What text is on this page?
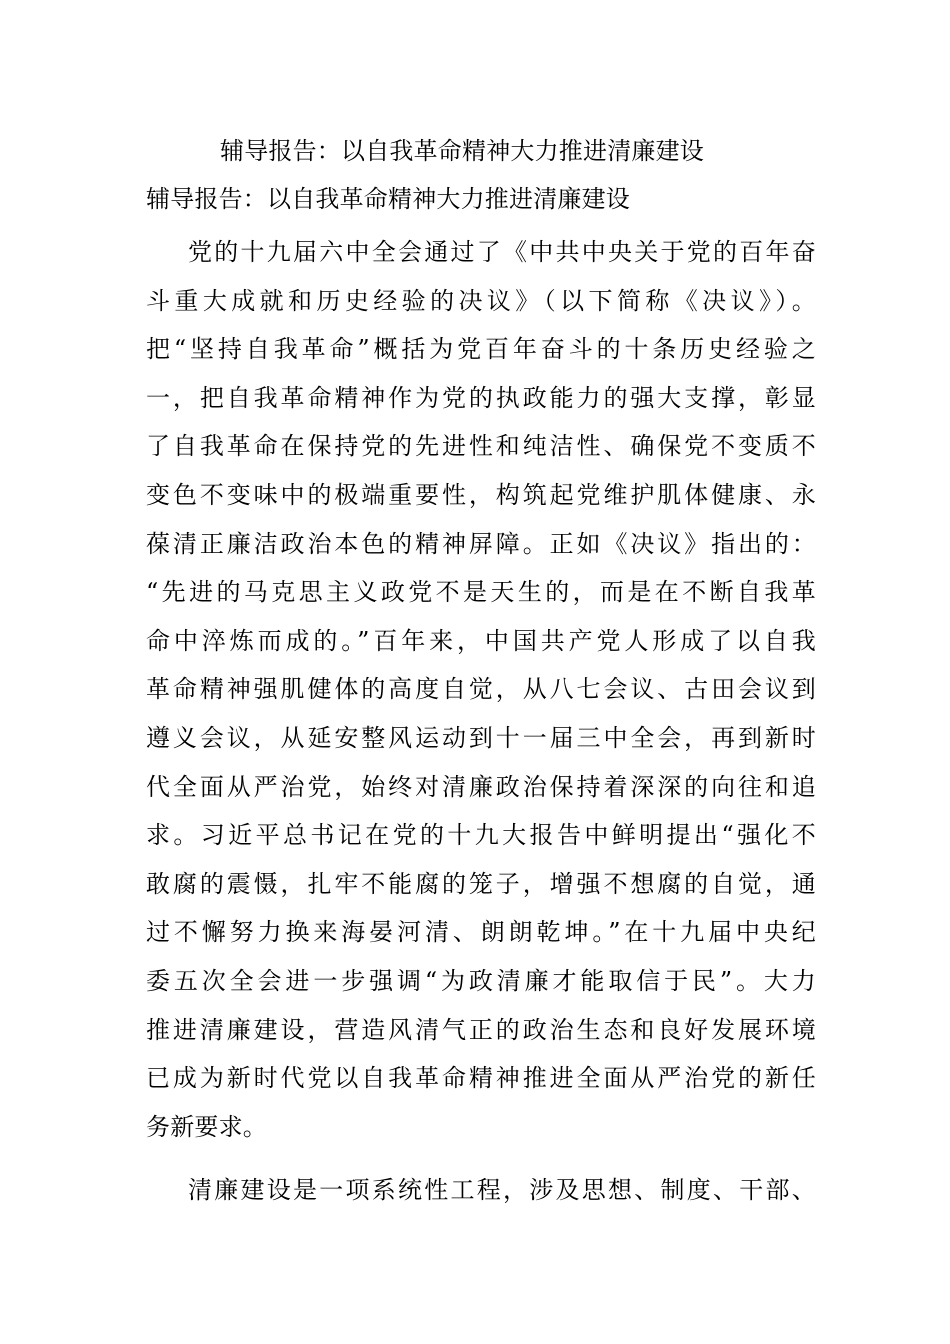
辅导报告：以自我革命精神大力推进清廉建设
辅导报告：以自我革命精神大力推进清廉建设
党的十九届六中全会通过了《中共中央关于党的百年奋
斗重大成就和历史经验的决议》（以下简称《决议》）。
把“坚持自我革命”概括为党百年奋斗的十条历史经验之
一，把自我革命精神作为党的执政能力的强大支撑，彰显
了自我革命在保持党的先进性和纯洁性、确保党不变质不
变色不变味中的极端重要性，构筑起党维护肌体健康、永
葆清正廉洁政治本色的精神屏障。正如《决议》指出的：
“先进的马克思主义政党不是天生的，而是在不断自我革
命中淬炼而成的。”百年来，中国共产党人形成了以自我
革命精神强肌健体的高度自觉，从八七会议、古田会议到
遵义会议，从延安整风运动到十一届三中全会，再到新时
代全面从严治党，始终对清廉政治保持着深深的向往和追
求。习近平总书记在党的十九大报告中鲜明提出“强化不
敢腐的震慑，扎牢不能腐的笼子，增强不想腐的自觉，通
过不懈努力换来海晏河清、朗朗乾坤。”在十九届中央纪
委五次全会进一步强调“为政清廉才能取信于民”。大力
推进清廉建设，营造风清气正的政治生态和良好发展环境
已成为新时代党以自我革命精神推进全面从严治党的新任
务新要求。
清廉建设是一项系统性工程，涉及思想、制度、干部、
